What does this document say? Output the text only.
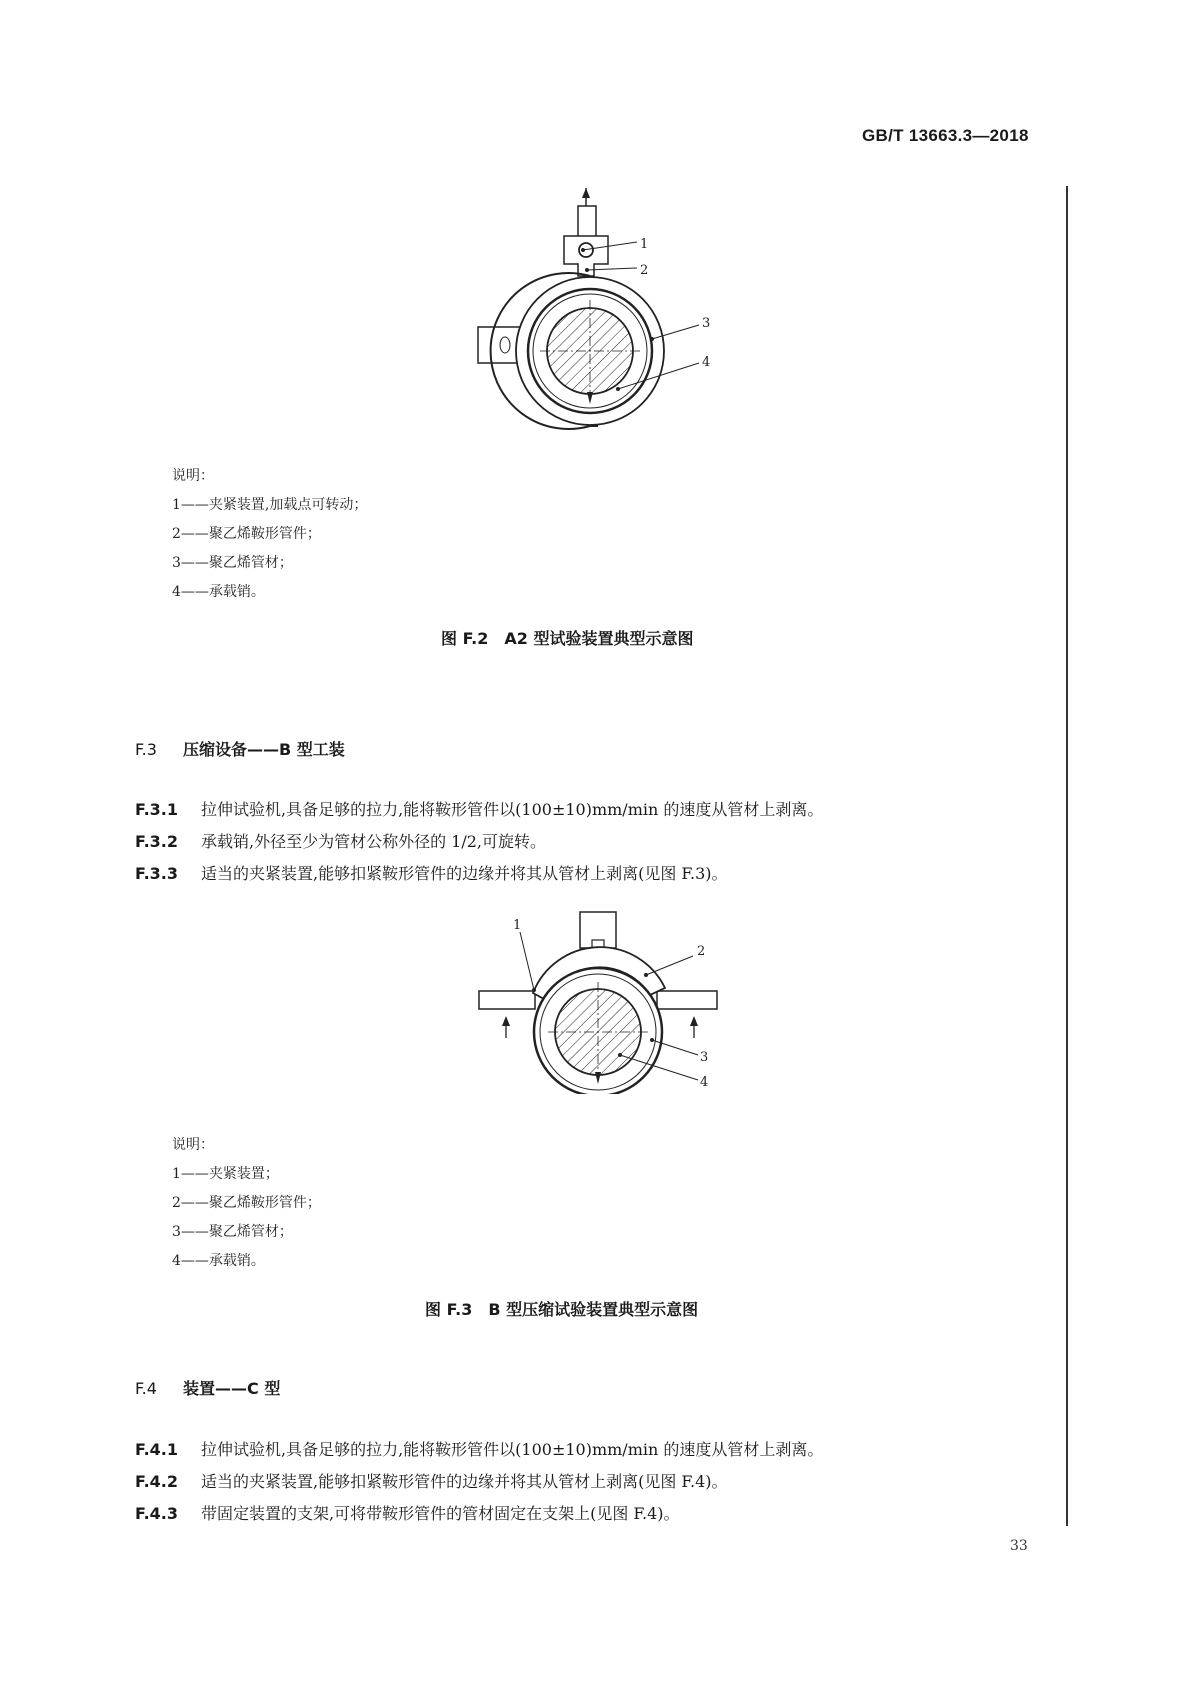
GB/T 13663.3—2018
1
2
3
4
说明：
1——夹紧装置,加载点可转动；
2——聚乙烯鞍形管件；
3——聚乙烯管材；
4——承载销。
图 F.2　A2 型试验装置典型示意图
F.3 压缩设备——B 型工装
F.3.1 拉伸试验机,具备足够的拉力,能将鞍形管件以(100±10)mm/min 的速度从管材上剥离。
F.3.2 承载销,外径至少为管材公称外径的 1/2,可旋转。
F.3.3 适当的夹紧装置,能够扣紧鞍形管件的边缘并将其从管材上剥离(见图 F.3)。
1
2
3
4
说明：
1——夹紧装置；
2——聚乙烯鞍形管件；
3——聚乙烯管材；
4——承载销。
图 F.3　B 型压缩试验装置典型示意图
F.4 装置——C 型
F.4.1 拉伸试验机,具备足够的拉力,能将鞍形管件以(100±10)mm/min 的速度从管材上剥离。
F.4.2 适当的夹紧装置,能够扣紧鞍形管件的边缘并将其从管材上剥离(见图 F.4)。
F.4.3 带固定装置的支架,可将带鞍形管件的管材固定在支架上(见图 F.4)。
33
